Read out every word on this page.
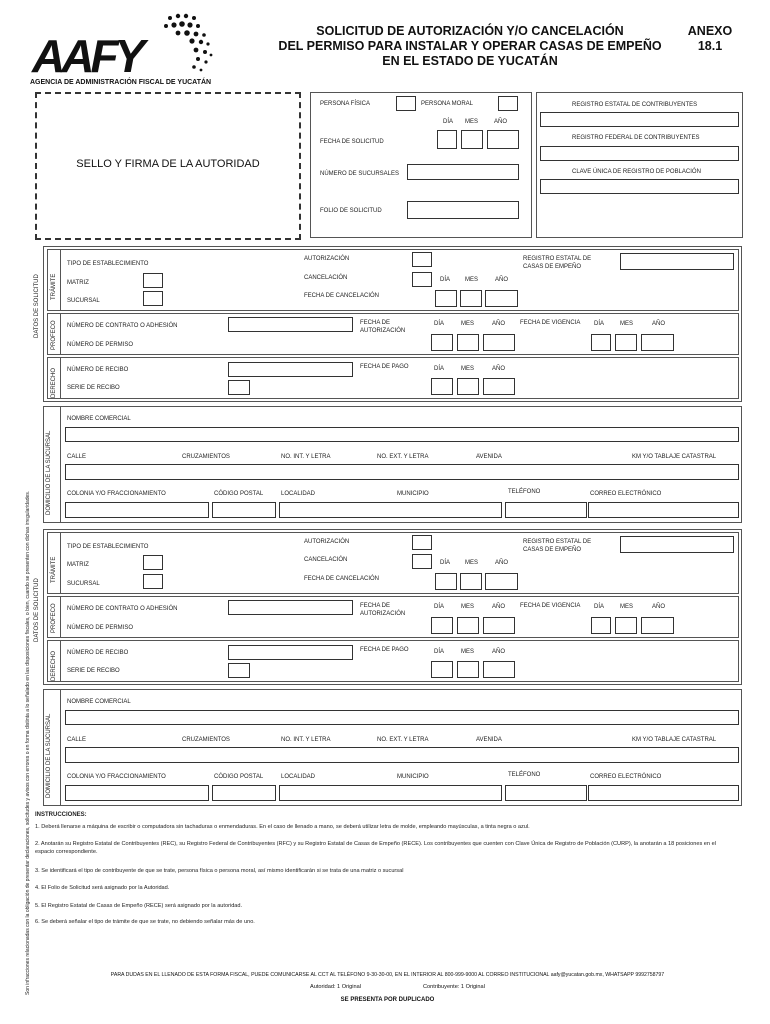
AAFY
AGENCIA DE ADMINISTRACIÓN FISCAL DE YUCATÁN
SOLICITUD DE AUTORIZACIÓN Y/O CANCELACIÓN
DEL PERMISO PARA INSTALAR Y OPERAR CASAS DE EMPEÑO
EN EL ESTADO DE YUCATÁN
ANEXO
18.1
SELLO Y FIRMA DE LA AUTORIDAD
PERSONA FÍSICA	PERSONA MORAL
DÍA MES	AÑO
FECHA DE SOLICITUD
NÚMERO DE SUCURSALES
FOLIO DE SOLICITUD
REGISTRO ESTATAL DE CONTRIBUYENTES
REGISTRO FEDERAL DE CONTRIBUYENTES
CLAVE ÚNICA DE REGISTRO DE POBLACIÓN
Son infracciones relacionadas con la obligación de presentar declaraciones, solicitudes y avisos con errores o en forma distinta a lo señalado en las disposiciones fiscales, o bien, cuando se presenten con dichas irregularidades.
DATOS DE SOLICITUD TRÁMITE
TIPO DE ESTABLECIMIENTO
MATRIZ
SUCURSAL
AUTORIZACIÓN
CANCELACIÓN
FECHA DE CANCELACIÓN
DÍA MES	AÑO
REGISTRO ESTATAL DE
CASAS DE EMPEÑO
PROFECO NÚMERO DE CONTRATO O ADHESIÓN
NÚMERO DE PERMISO
FECHA DE
AUTORIZACIÓN
DÍA	MES	AÑO FECHA DE VIGENCIA DÍA	MES	AÑO
DERECHO NÚMERO DE RECIBO
SERIE DE RECIBO
FECHA DE PAGO	DÍA	MES	AÑO
DOMICILIO DE LA SUCURSAL
NOMBRE COMERCIAL
CALLE	CRUZAMIENTOS	NO. INT. Y LETRA	NO. EXT. Y LETRA	AVENIDA	KM Y/O TABLAJE CATASTRAL
COLONIA Y/O FRACCIONAMIENTO	CÓDIGO POSTAL	LOCALIDAD	MUNICIPIO	TELÉFONO	CORREO ELECTRÓNICO
DATOS DE SOLICITUD
TRÁMITE
TIPO DE ESTABLECIMIENTO
MATRIZ
SUCURSAL
AUTORIZACIÓN
CANCELACIÓN
FECHA DE CANCELACIÓN
DÍA MES	AÑO
REGISTRO ESTATAL DE
CASAS DE EMPEÑO
PROFECO NÚMERO DE CONTRATO O ADHESIÓN
NÚMERO DE PERMISO
FECHA DE
AUTORIZACIÓN
DÍA	MES	AÑO FECHA DE VIGENCIA DÍA	MES	AÑO
DERECHO NÚMERO DE RECIBO
SERIE DE RECIBO
FECHA DE PAGO	DÍA	MES	AÑO
DOMICILIO DE LA SUCURSAL
NOMBRE COMERCIAL
CALLE	CRUZAMIENTOS	NO. INT. Y LETRA	NO. EXT. Y LETRA	AVENIDA	KM Y/O TABLAJE CATASTRAL
COLONIA Y/O FRACCIONAMIENTO	CÓDIGO POSTAL	LOCALIDAD	MUNICIPIO	TELÉFONO	CORREO ELECTRÓNICO
INSTRUCCIONES:
1. Deberá llenarse a máquina de escribir o computadora sin tachaduras o enmendaduras. En el caso de llenado a mano, se deberá utilizar letra de molde, empleando mayúsculas, a tinta negra o azul.
2. Anotarán su Registro Estatal de Contribuyentes (REC), su Registro Federal de Contribuyentes (RFC) y su Registro Estatal de Casas de Empeño (RECE). Los contribuyentes que cuenten con Clave Única de Registro de Población (CURP), la anotarán a 18 posiciones en el espacio correspondiente.
3. Se identificará el tipo de contribuyente de que se trate, persona física o persona moral, así mismo identificarán si se trata de una matriz o sucursal
4. El Folio de Solicitud será asignado por la Autoridad.
5. El Registro Estatal de Casas de Empeño (RECE) será asignado por la autoridad.
6. Se deberá señalar el tipo de trámite de que se trate, no debiendo señalar más de uno.
PARA DUDAS EN EL LLENADO DE ESTA FORMA FISCAL, PUEDE COMUNICARSE AL CCT AL TELÉFONO 9-30-30-00, EN EL INTERIOR AL 800-999-9000 AL CORREO INSTITUCIONAL aafy@yucatan.gob.mx, WHATSAPP 9992758797
Autoridad: 1 Original	Contribuyente: 1 Original
SE PRESENTA POR DUPLICADO
